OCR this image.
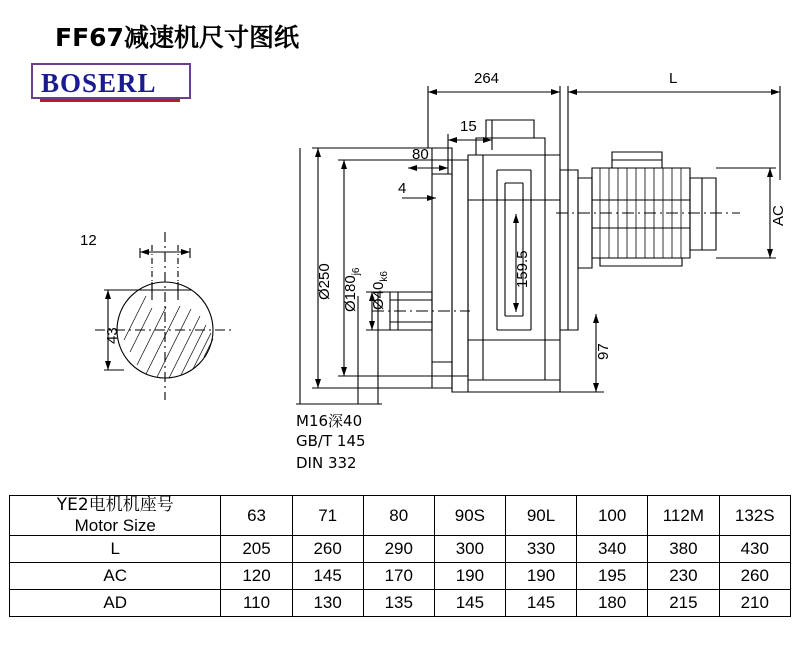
FF67减速机尺寸图纸
BOSERL	264	L
15
80
4
AC
159.5
97
Ø250 $Ø180_{j6}$
$Ø40_{k6}$
12
43
M16深40
GB/T 145
DIN 332
YE2电机机座号
Motor Size	63	71	80	90S	90L	100	112M	132S
L	205	260	290	300	330	340	380	430
AC	120	145	170	190	190	195	230	260
AD	110	130	135	145	145	180	215	210
